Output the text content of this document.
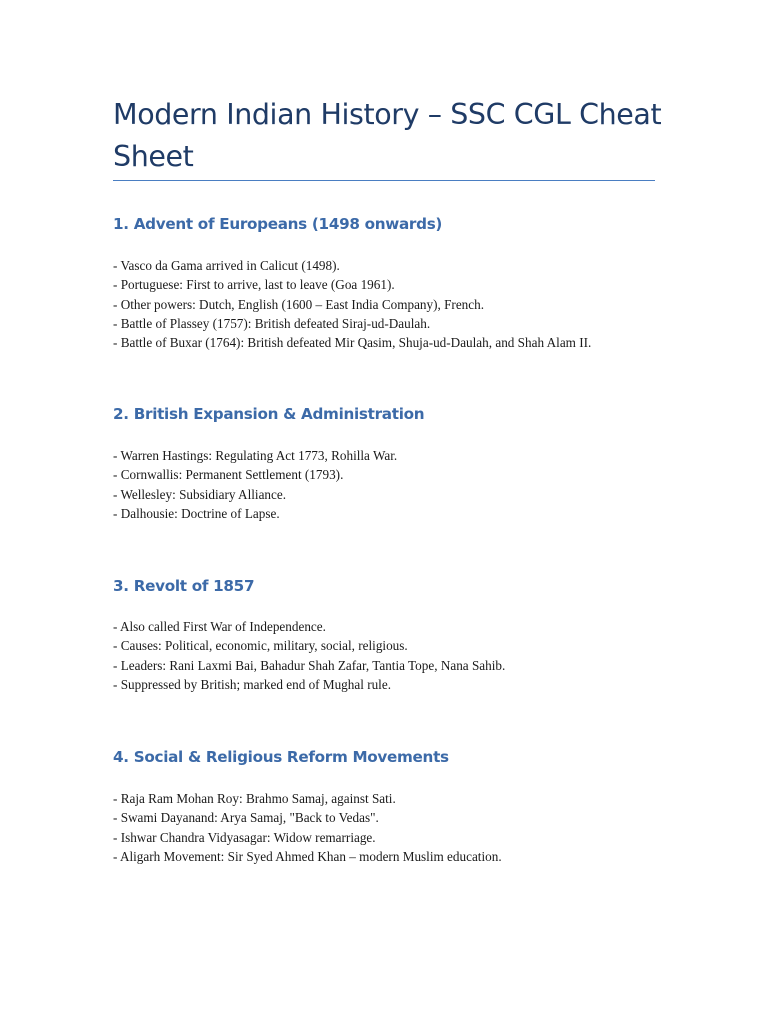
Modern Indian History – SSC CGL Cheat Sheet
1. Advent of Europeans (1498 onwards)
- Vasco da Gama arrived in Calicut (1498).
- Portuguese: First to arrive, last to leave (Goa 1961).
- Other powers: Dutch, English (1600 – East India Company), French.
- Battle of Plassey (1757): British defeated Siraj-ud-Daulah.
- Battle of Buxar (1764): British defeated Mir Qasim, Shuja-ud-Daulah, and Shah Alam II.
2. British Expansion & Administration
- Warren Hastings: Regulating Act 1773, Rohilla War.
- Cornwallis: Permanent Settlement (1793).
- Wellesley: Subsidiary Alliance.
- Dalhousie: Doctrine of Lapse.
3. Revolt of 1857
- Also called First War of Independence.
- Causes: Political, economic, military, social, religious.
- Leaders: Rani Laxmi Bai, Bahadur Shah Zafar, Tantia Tope, Nana Sahib.
- Suppressed by British; marked end of Mughal rule.
4. Social & Religious Reform Movements
- Raja Ram Mohan Roy: Brahmo Samaj, against Sati.
- Swami Dayanand: Arya Samaj, "Back to Vedas".
- Ishwar Chandra Vidyasagar: Widow remarriage.
- Aligarh Movement: Sir Syed Ahmed Khan – modern Muslim education.
